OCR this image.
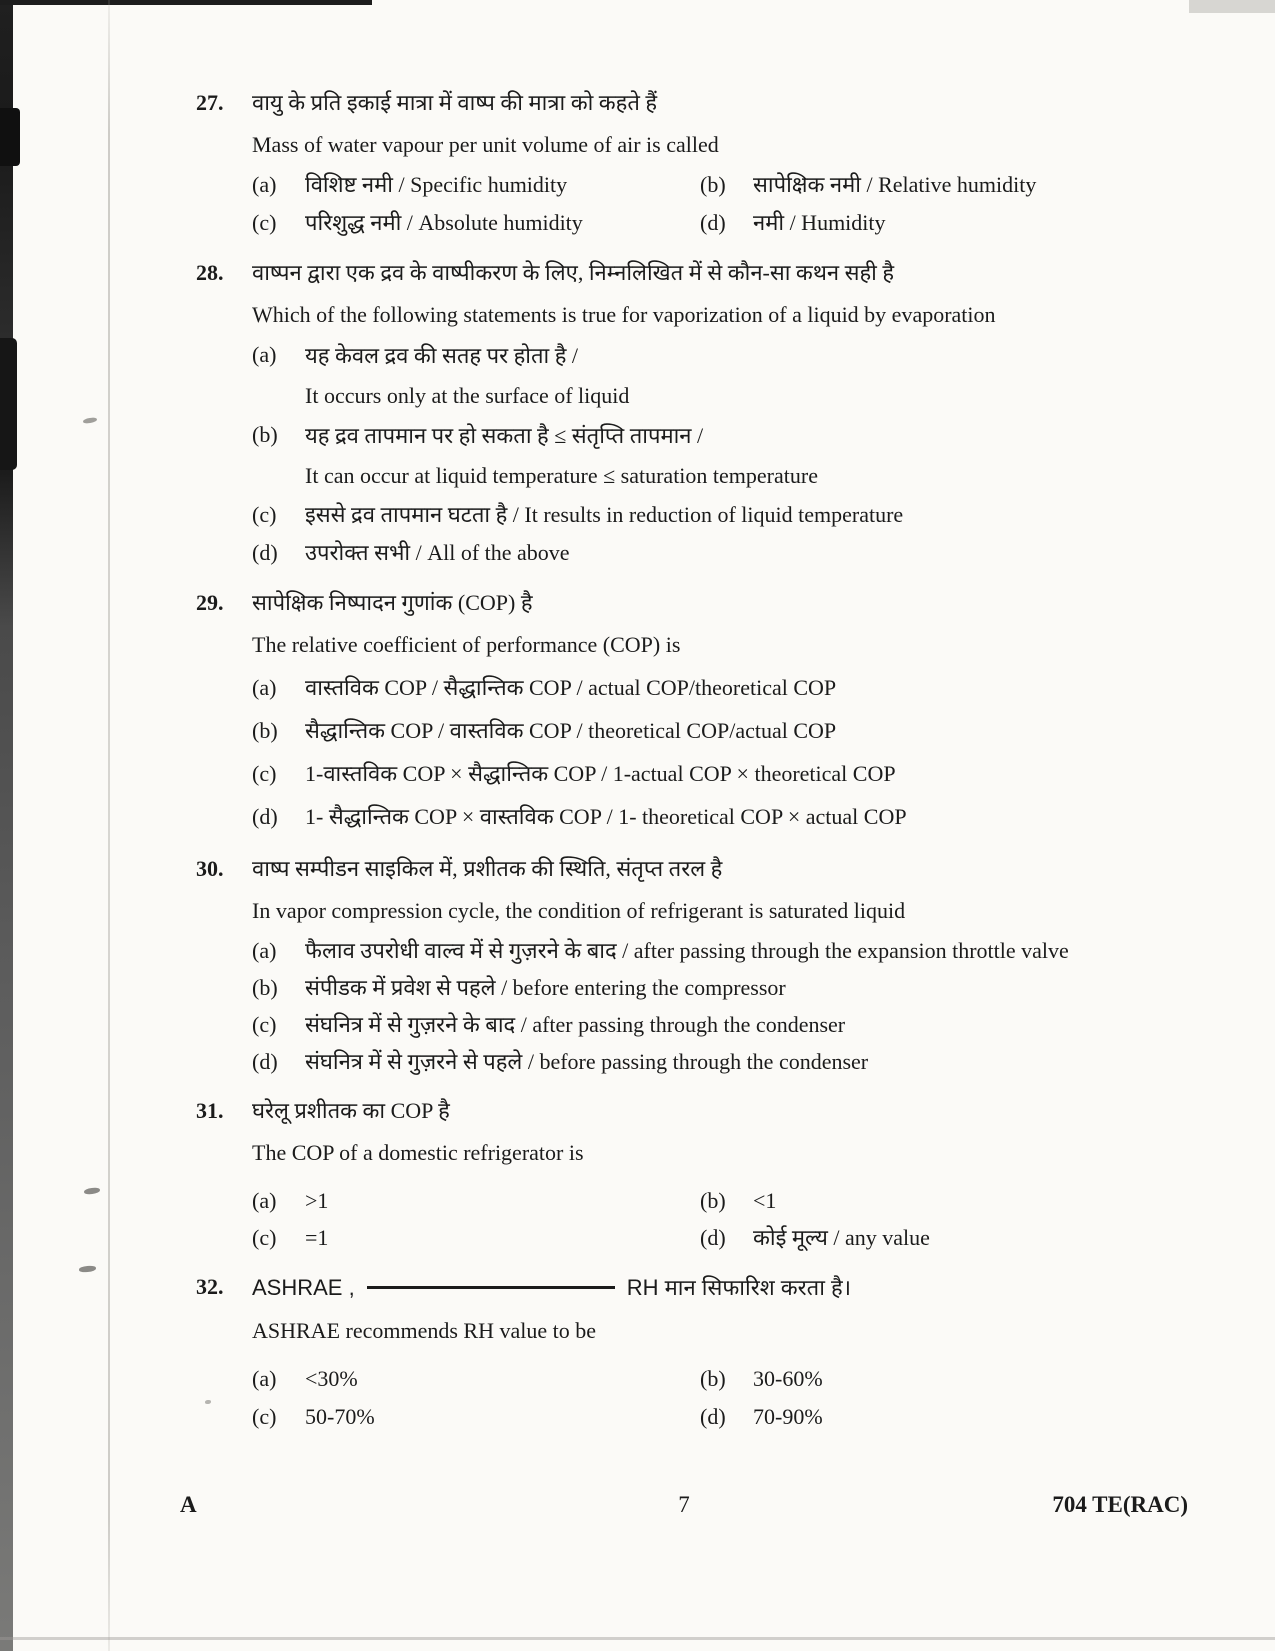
27.	वायु के प्रति इकाई मात्रा में वाष्प की मात्रा को कहते हैं
Mass of water vapour per unit volume of air is called
(a)	विशिष्ट नमी / Specific humidity	(b)	सापेक्षिक नमी / Relative humidity
(c)	परिशुद्ध नमी / Absolute humidity	(d)	नमी / Humidity
28.	वाष्पन द्वारा एक द्रव के वाष्पीकरण के लिए, निम्नलिखित में से कौन-सा कथन सही है
Which of the following statements is true for vaporization of a liquid by evaporation
(a)	यह केवल द्रव की सतह पर होता है /
It occurs only at the surface of liquid
(b)	यह द्रव तापमान पर हो सकता है ≤ संतृप्ति तापमान /
It can occur at liquid temperature ≤ saturation temperature
(c)	इससे द्रव तापमान घटता है / It results in reduction of liquid temperature
(d)	उपरोक्त सभी / All of the above
29.	सापेक्षिक निष्पादन गुणांक (COP) है
The relative coefficient of performance (COP) is
(a)	वास्तविक COP / सैद्धान्तिक COP / actual COP/theoretical COP
(b)	सैद्धान्तिक COP / वास्तविक COP / theoretical COP/actual COP
(c)	1-वास्तविक COP × सैद्धान्तिक COP / 1-actual COP × theoretical COP
(d)	1- सैद्धान्तिक COP × वास्तविक COP / 1- theoretical COP × actual COP
30.	वाष्प सम्पीडन साइकिल में, प्रशीतक की स्थिति, संतृप्त तरल है
In vapor compression cycle, the condition of refrigerant is saturated liquid
(a)	फैलाव उपरोधी वाल्व में से गुज़रने के बाद / after passing through the expansion throttle valve
(b)	संपीडक में प्रवेश से पहले / before entering the compressor
(c)	संघनित्र में से गुज़रने के बाद / after passing through the condenser
(d)	संघनित्र में से गुज़रने से पहले / before passing through the condenser
31.	घरेलू प्रशीतक का COP है
The COP of a domestic refrigerator is
(a)	>1	(b)	<1
(c)	=1	(d)	कोई मूल्य / any value
32.	ASHRAE ,	RH मान सिफारिश करता है।
ASHRAE recommends RH value to be
(a)	<30%	(b)	30-60%
(c)	50-70%	(d)	70-90%
A	7	704 TE(RAC)
